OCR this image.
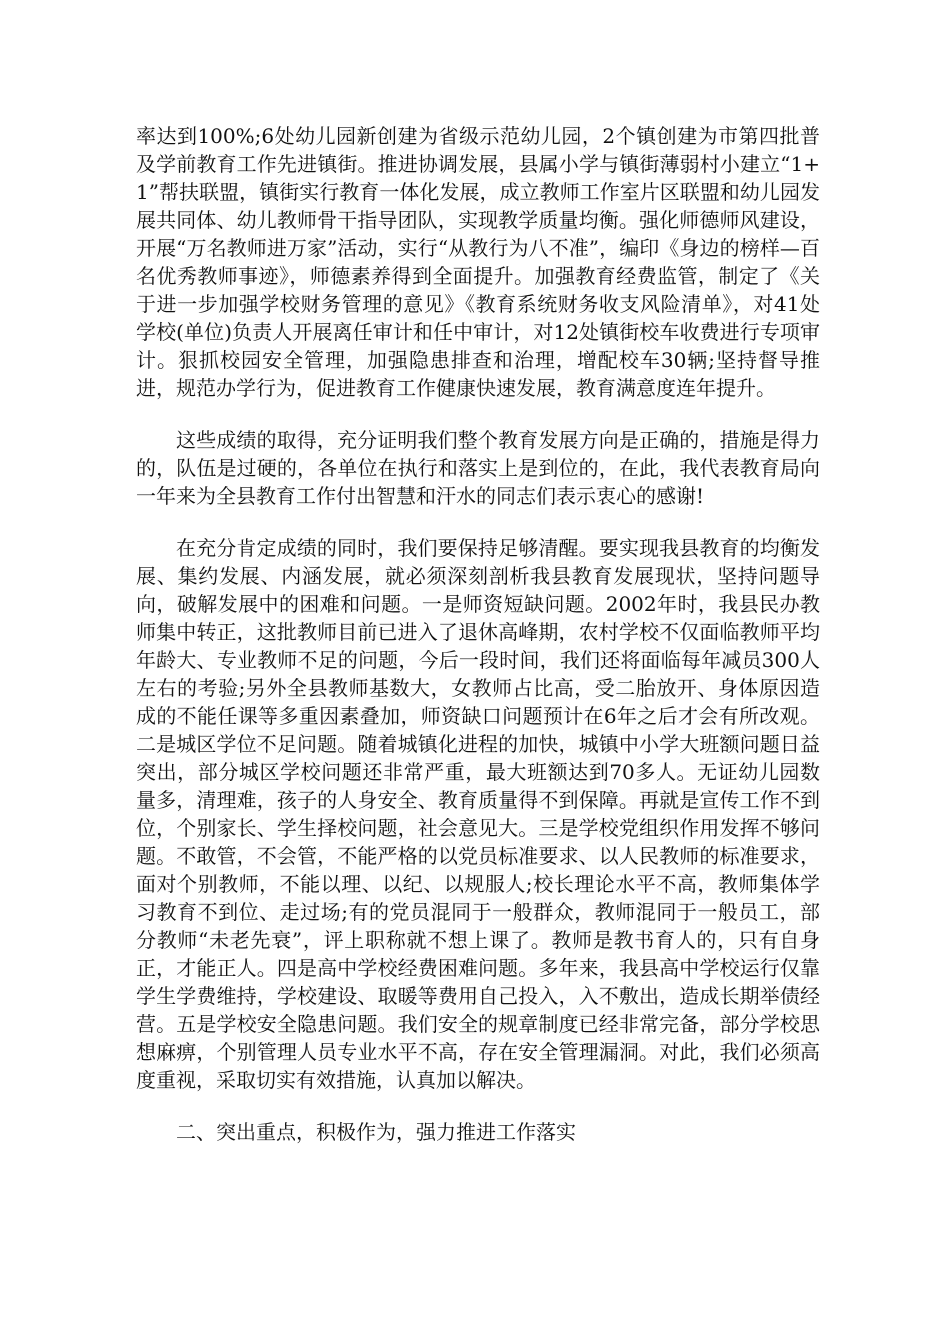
率达到100%;6处幼儿园新创建为省级示范幼儿园，2个镇创建为市第四批普及学前教育工作先进镇街。推进协调发展，县属小学与镇街薄弱村小建立“1+1”帮扶联盟，镇街实行教育一体化发展，成立教师工作室片区联盟和幼儿园发展共同体、幼儿教师骨干指导团队，实现教学质量均衡。强化师德师风建设，开展“万名教师进万家”活动，实行“从教行为八不准”，编印《身边的榜样—百名优秀教师事迹》，师德素养得到全面提升。加强教育经费监管，制定了《关于进一步加强学校财务管理的意见》《教育系统财务收支风险清单》，对41处学校(单位)负责人开展离任审计和任中审计，对12处镇街校车收费进行专项审计。狠抓校园安全管理，加强隐患排查和治理，增配校车30辆;坚持督导推进，规范办学行为，促进教育工作健康快速发展，教育满意度连年提升。

这些成绩的取得，充分证明我们整个教育发展方向是正确的，措施是得力的，队伍是过硬的，各单位在执行和落实上是到位的，在此，我代表教育局向一年来为全县教育工作付出智慧和汗水的同志们表示衷心的感谢!

在充分肯定成绩的同时，我们要保持足够清醒。要实现我县教育的均衡发展、集约发展、内涵发展，就必须深刻剖析我县教育发展现状，坚持问题导向，破解发展中的困难和问题。一是师资短缺问题。2002年时，我县民办教师集中转正，这批教师目前已进入了退休高峰期，农村学校不仅面临教师平均年龄大、专业教师不足的问题，今后一段时间，我们还将面临每年减员300人左右的考验;另外全县教师基数大，女教师占比高，受二胎放开、身体原因造成的不能任课等多重因素叠加，师资缺口问题预计在6年之后才会有所改观。二是城区学位不足问题。随着城镇化进程的加快，城镇中小学大班额问题日益突出，部分城区学校问题还非常严重，最大班额达到70多人。无证幼儿园数量多，清理难，孩子的人身安全、教育质量得不到保障。再就是宣传工作不到位，个别家长、学生择校问题，社会意见大。三是学校党组织作用发挥不够问题。不敢管，不会管，不能严格的以党员标准要求、以人民教师的标准要求，面对个别教师，不能以理、以纪、以规服人;校长理论水平不高，教师集体学习教育不到位、走过场;有的党员混同于一般群众，教师混同于一般员工，部分教师“未老先衰”，评上职称就不想上课了。教师是教书育人的，只有自身正，才能正人。四是高中学校经费困难问题。多年来，我县高中学校运行仅靠学生学费维持，学校建设、取暖等费用自己投入，入不敷出，造成长期举债经营。五是学校安全隐患问题。我们安全的规章制度已经非常完备，部分学校思想麻痹，个别管理人员专业水平不高，存在安全管理漏洞。对此，我们必须高度重视，采取切实有效措施，认真加以解决。

二、突出重点，积极作为，强力推进工作落实
